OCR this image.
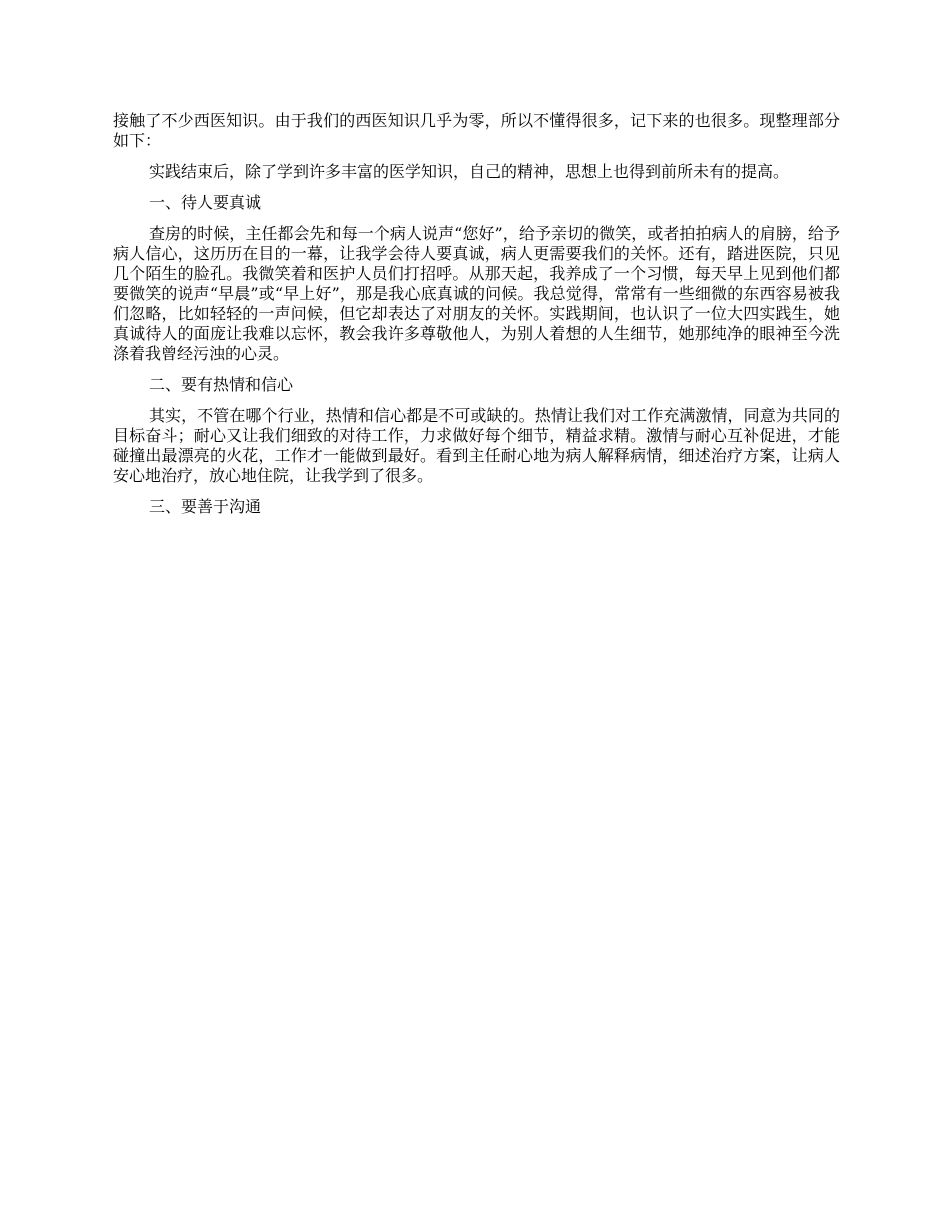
接触了不少西医知识。由于我们的西医知识几乎为零，所以不懂得很多，记下来的也很多。现整理部分如下：

实践结束后，除了学到许多丰富的医学知识，自己的精神，思想上也得到前所未有的提高。

一、待人要真诚

查房的时候，主任都会先和每一个病人说声“您好”，给予亲切的微笑，或者拍拍病人的肩膀，给予病人信心，这历历在目的一幕，让我学会待人要真诚，病人更需要我们的关怀。还有，踏进医院，只见几个陌生的脸孔。我微笑着和医护人员们打招呼。从那天起，我养成了一个习惯，每天早上见到他们都要微笑的说声“早晨”或“早上好”，那是我心底真诚的问候。我总觉得，常常有一些细微的东西容易被我们忽略，比如轻轻的一声问候，但它却表达了对朋友的关怀。实践期间，也认识了一位大四实践生，她真诚待人的面庞让我难以忘怀，教会我许多尊敬他人，为别人着想的人生细节，她那纯净的眼神至今洗涤着我曾经污浊的心灵。

二、要有热情和信心

其实，不管在哪个行业，热情和信心都是不可或缺的。热情让我们对工作充满激情，同意为共同的目标奋斗；耐心又让我们细致的对待工作，力求做好每个细节，精益求精。激情与耐心互补促进，才能碰撞出最漂亮的火花，工作才一能做到最好。看到主任耐心地为病人解释病情，细述治疗方案，让病人安心地治疗，放心地住院，让我学到了很多。

三、要善于沟通
